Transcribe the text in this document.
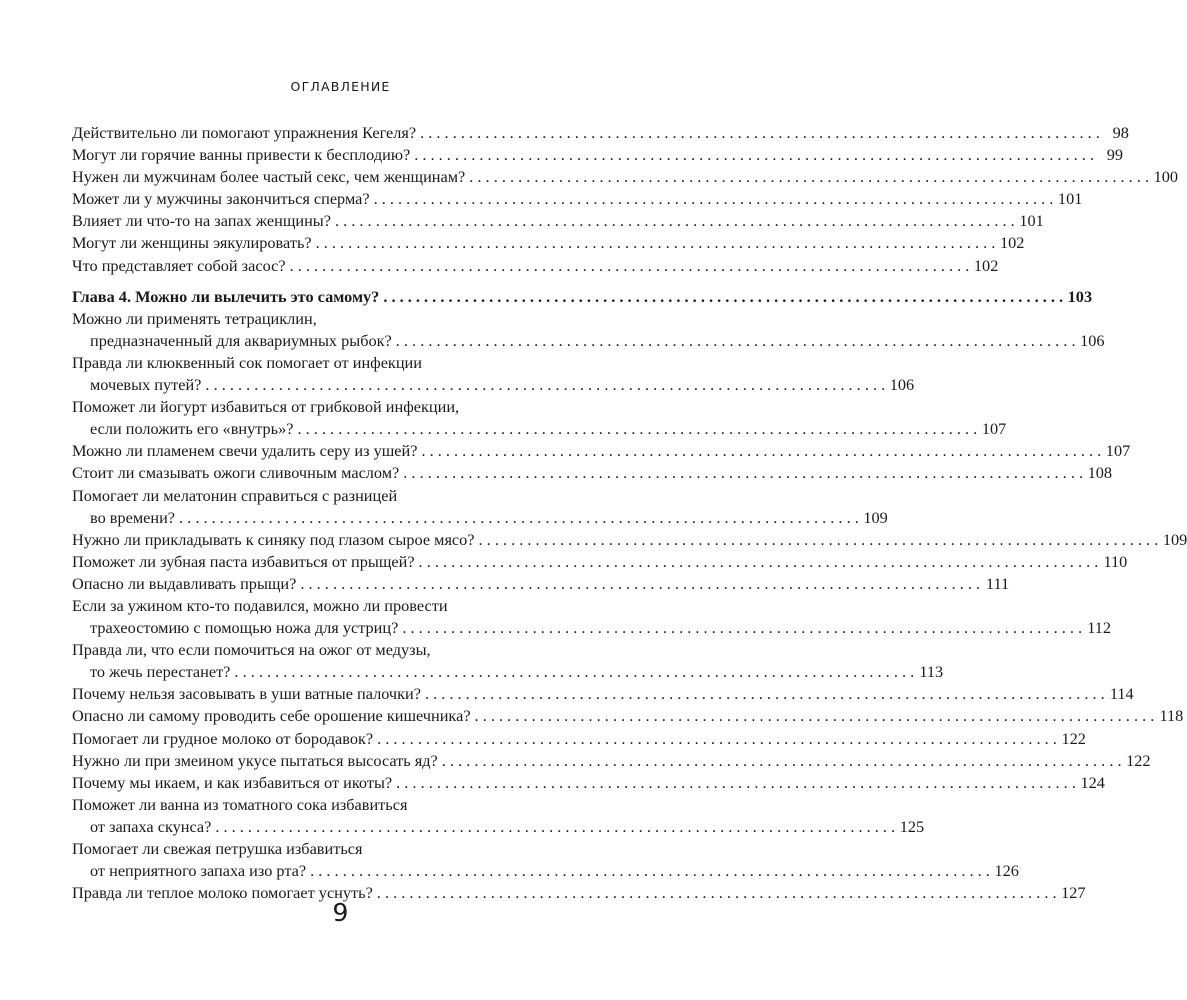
ОГЛАВЛЕНИЕ
Действительно ли помогают упражнения Кегеля? . . .	98
Могут ли горячие ванны привести к бесплодию? . . .	99
Нужен ли мужчинам более частый секс, чем женщинам? . . .	100
Может ли у мужчины закончиться сперма? . . .	101
Влияет ли что-то на запах женщины? . . .	101
Могут ли женщины эякулировать? . . .	102
Что представляет собой засос? . . .	102
Глава 4. Можно ли вылечить это самому? . . .	103
Можно ли применять тетрациклин,
предназначенный для аквариумных рыбок? . . .	106
Правда ли клюквенный сок помогает от инфекции
мочевых путей? . . .	106
Поможет ли йогурт избавиться от грибковой инфекции,
если положить его «внутрь»? . . .	107
Можно ли пламенем свечи удалить серу из ушей? . . .	107
Стоит ли смазывать ожоги сливочным маслом? . . .	108
Помогает ли мелатонин справиться с разницей
во времени? . . .	109
Нужно ли прикладывать к синяку под глазом сырое мясо? . . .	109
Поможет ли зубная паста избавиться от прыщей? . . .	110
Опасно ли выдавливать прыщи? . . .	111
Если за ужином кто-то подавился, можно ли провести
трахеостомию с помощью ножа для устриц? . . .	112
Правда ли, что если помочиться на ожог от медузы,
то жечь перестанет? . . .	113
Почему нельзя засовывать в уши ватные палочки? . . .	114
Опасно ли самому проводить себе орошение кишечника? . . .	118
Помогает ли грудное молоко от бородавок? . . .	122
Нужно ли при змеином укусе пытаться высосать яд? . . .	122
Почему мы икаем, и как избавиться от икоты? . . .	124
Поможет ли ванна из томатного сока избавиться
от запаха скунса? . . .	125
Помогает ли свежая петрушка избавиться
от неприятного запаха изо рта? . . .	126
Правда ли теплое молоко помогает уснуть? . . .	127
9
